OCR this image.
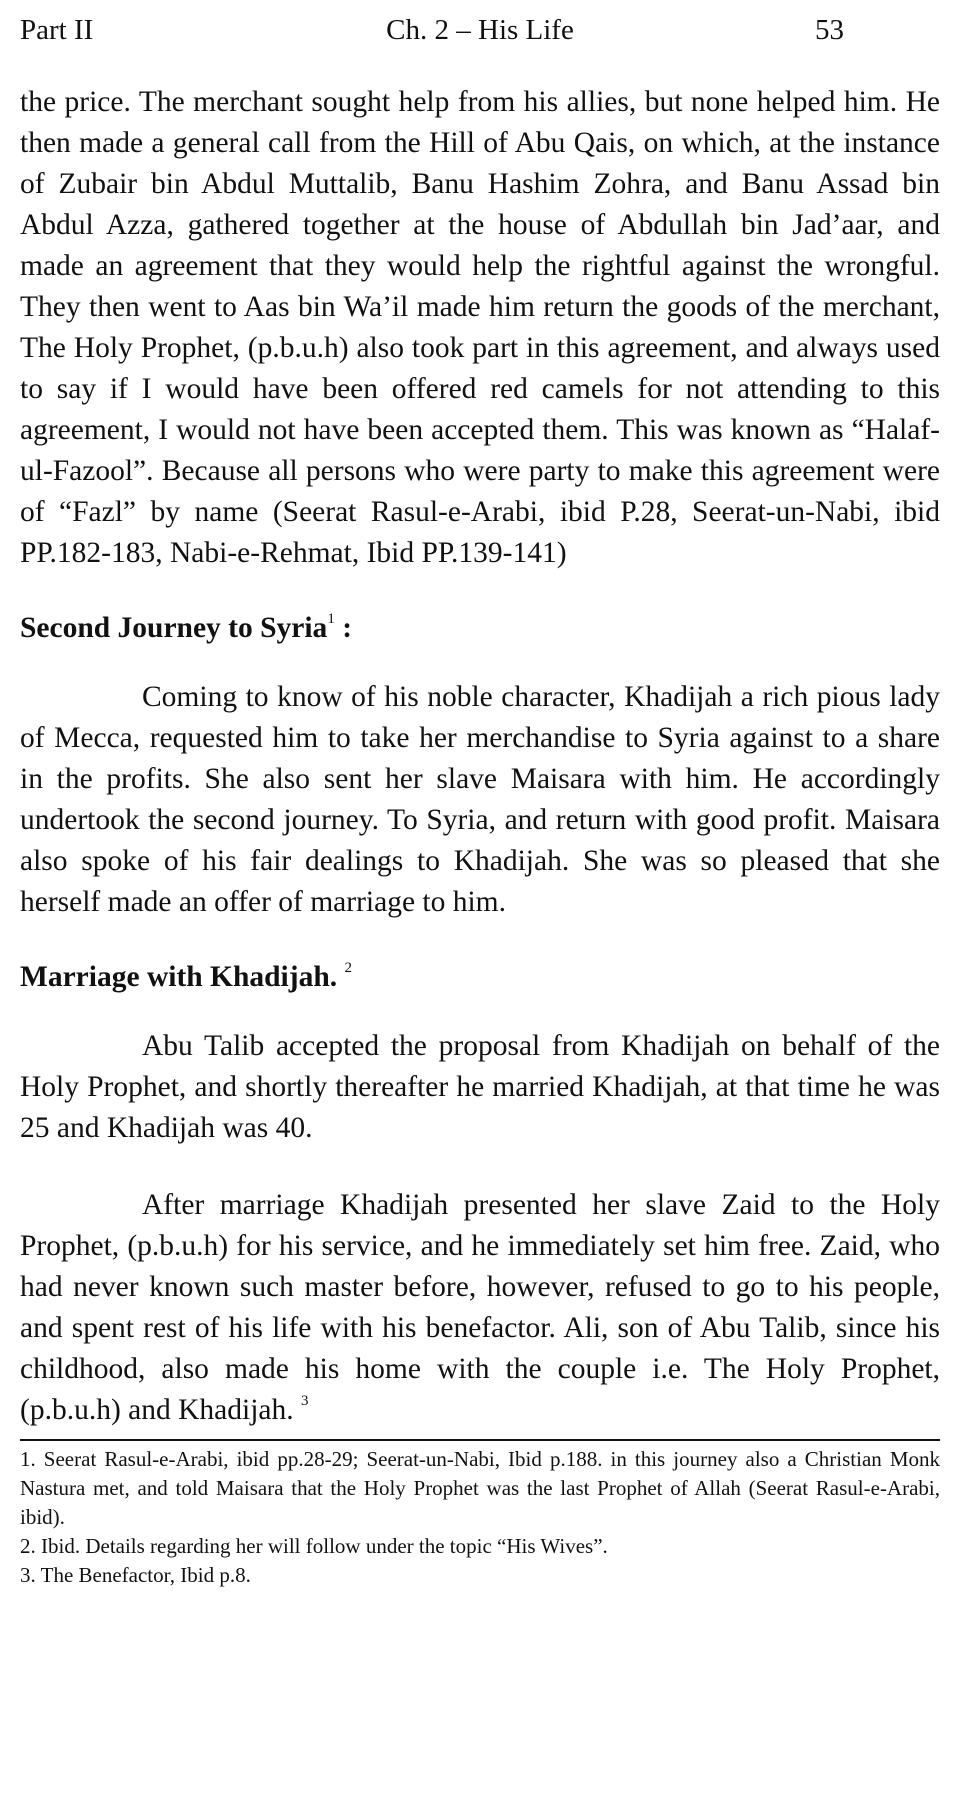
Part II	Ch. 2 – His Life	53

the price. The merchant sought help from his allies, but none helped him. He then made a general call from the Hill of Abu Qais, on which, at the instance of Zubair bin Abdul Muttalib, Banu Hashim Zohra, and Banu Assad bin Abdul Azza, gathered together at the house of Abdullah bin Jad’aar, and made an agreement that they would help the rightful against the wrongful. They then went to Aas bin Wa’il made him return the goods of the merchant, The Holy Prophet, (p.b.u.h) also took part in this agreement, and always used to say if I would have been offered red camels for not attending to this agreement, I would not have been accepted them. This was known as “Halaf-ul-Fazool”. Because all persons who were party to make this agreement were of “Fazl” by name (Seerat Rasul-e-Arabi, ibid P.28, Seerat-un-Nabi, ibid PP.182-183, Nabi-e-Rehmat, Ibid PP.139-141)

Second Journey to Syria$^1$ :

Coming to know of his noble character, Khadijah a rich pious lady of Mecca, requested him to take her merchandise to Syria against to a share in the profits. She also sent her slave Maisara with him. He accordingly undertook the second journey. To Syria, and return with good profit. Maisara also spoke of his fair dealings to Khadijah. She was so pleased that she herself made an offer of marriage to him.

Marriage with Khadijah. $^2$

Abu Talib accepted the proposal from Khadijah on behalf of the Holy Prophet, and shortly thereafter he married Khadijah, at that time he was 25 and Khadijah was 40.

After marriage Khadijah presented her slave Zaid to the Holy Prophet, (p.b.u.h) for his service, and he immediately set him free. Zaid, who had never known such master before, however, refused to go to his people, and spent rest of his life with his benefactor. Ali, son of Abu Talib, since his childhood, also made his home with the couple i.e. The Holy Prophet, (p.b.u.h) and Khadijah. $^3$

1. Seerat Rasul-e-Arabi, ibid pp.28-29; Seerat-un-Nabi, Ibid p.188. in this journey also a Christian Monk Nastura met, and told Maisara that the Holy Prophet was the last Prophet of Allah (Seerat Rasul-e-Arabi, ibid).

2. Ibid. Details regarding her will follow under the topic “His Wives”.

3. The Benefactor, Ibid p.8.
